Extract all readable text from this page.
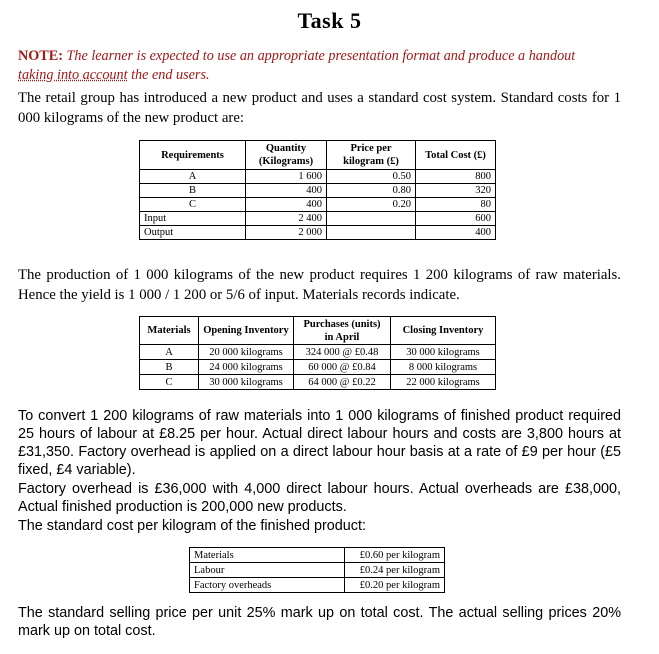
Task 5
NOTE: The learner is expected to use an appropriate presentation format and produce a handout
taking into account the end users.
The retail group has introduced a new product and uses a standard cost system. Standard costs for 1 000 kilograms of the new product are:
Requirements	Quantity (Kilograms)	Price per kilogram (£)	Total Cost (£)
A	1 600	0.50	800
B	400	0.80	320
C	400	0.20	80
Input	2 400		600
Output	2 000		400
The production of 1 000 kilograms of the new product requires 1 200 kilograms of raw materials. Hence the yield is 1 000 / 1 200 or 5/6 of input. Materials records indicate.
Materials	Opening Inventory	Purchases (units) in April	Closing Inventory
A	20 000 kilograms	324 000 @ £0.48	30 000 kilograms
B	24 000 kilograms	60 000 @ £0.84	8 000 kilograms
C	30 000 kilograms	64 000 @ £0.22	22 000 kilograms
To convert 1 200 kilograms of raw materials into 1 000 kilograms of finished product required 25 hours of labour at £8.25 per hour. Actual direct labour hours and costs are 3,800 hours at £31,350. Factory overhead is applied on a direct labour hour basis at a rate of £9 per hour (£5 fixed, £4 variable).
Factory overhead is £36,000 with 4,000 direct labour hours. Actual overheads are £38,000, Actual finished production is 200,000 new products.
The standard cost per kilogram of the finished product:
Materials	£0.60 per kilogram
Labour	£0.24 per kilogram
Factory overheads	£0.20 per kilogram
The standard selling price per unit 25% mark up on total cost. The actual selling prices 20% mark up on total cost.
